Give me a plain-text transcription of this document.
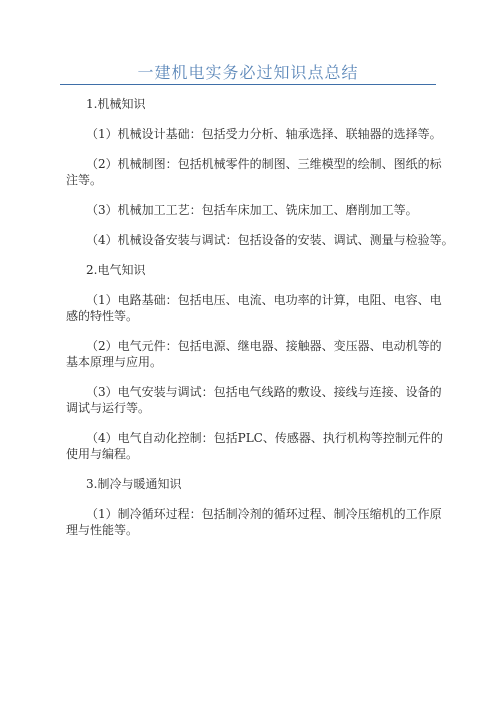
一建机电实务必过知识点总结
1.机械知识
（1）机械设计基础：包括受力分析、轴承选择、联轴器的选择等。
（2）机械制图：包括机械零件的制图、三维模型的绘制、图纸的标
注等。
（3）机械加工工艺：包括车床加工、铣床加工、磨削加工等。
（4）机械设备安装与调试：包括设备的安装、调试、测量与检验等。
2.电气知识
（1）电路基础：包括电压、电流、电功率的计算，电阻、电容、电
感的特性等。
（2）电气元件：包括电源、继电器、接触器、变压器、电动机等的
基本原理与应用。
（3）电气安装与调试：包括电气线路的敷设、接线与连接、设备的
调试与运行等。
（4）电气自动化控制：包括PLC、传感器、执行机构等控制元件的
使用与编程。
3.制冷与暖通知识
（1）制冷循环过程：包括制冷剂的循环过程、制冷压缩机的工作原
理与性能等。
